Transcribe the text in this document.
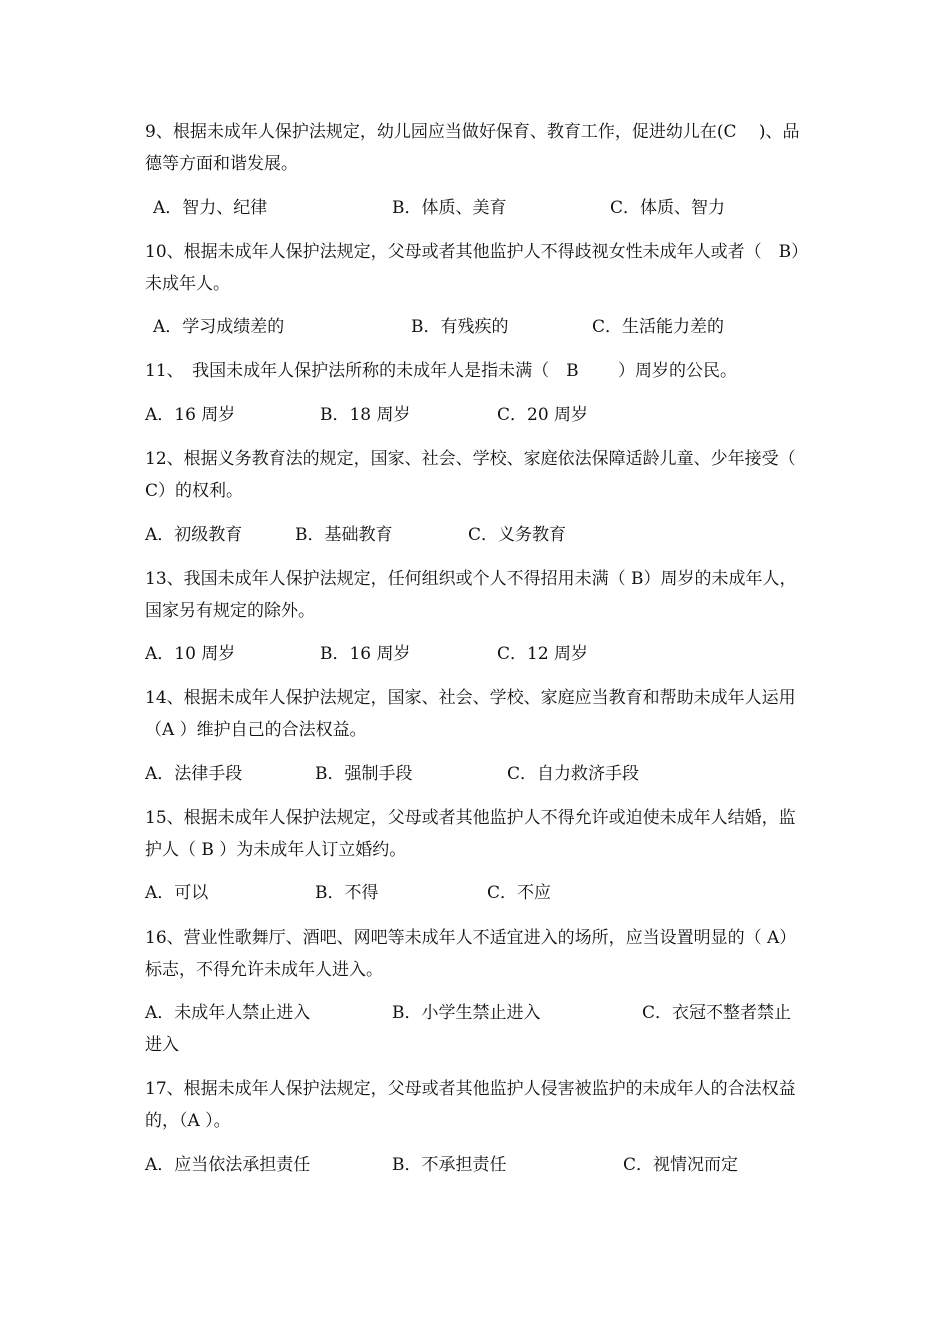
9、根据未成年人保护法规定，幼儿园应当做好保育、教育工作，促进幼儿在(C　 )、品德等方面和谐发展。

A．智力、纪律	B．体质、美育	C．体质、智力

10、根据未成年人保护法规定，父母或者其他监护人不得歧视女性未成年人或者（　B）未成年人。

A．学习成绩差的	B．有残疾的	C．生活能力差的

11、　我国未成年人保护法所称的未成年人是指未满（　B　　 ）周岁的公民。

A．16 周岁	B．18 周岁	C．20 周岁

12、根据义务教育法的规定，国家、社会、学校、家庭依法保障适龄儿童、少年接受（ C）的权利。

A．初级教育	B．基础教育	C．义务教育

13、我国未成年人保护法规定，任何组织或个人不得招用未满（ B）周岁的未成年人，国家另有规定的除外。

A．10 周岁	B．16 周岁	C．12 周岁

14、根据未成年人保护法规定，国家、社会、学校、家庭应当教育和帮助未成年人运用（A ）维护自己的合法权益。

A．法律手段	B．强制手段	C．自力救济手段

15、根据未成年人保护法规定，父母或者其他监护人不得允许或迫使未成年人结婚，监护人（ B ）为未成年人订立婚约。

A．可以	B．不得	C．不应

16、营业性歌舞厅、酒吧、网吧等未成年人不适宜进入的场所，应当设置明显的（ A）标志，不得允许未成年人进入。

A．未成年人禁止进入	B．小学生禁止进入	C．衣冠不整者禁止
进入

17、根据未成年人保护法规定，父母或者其他监护人侵害被监护的未成年人的合法权益的，（A ）。

A．应当依法承担责任	B．不承担责任	C．视情况而定
